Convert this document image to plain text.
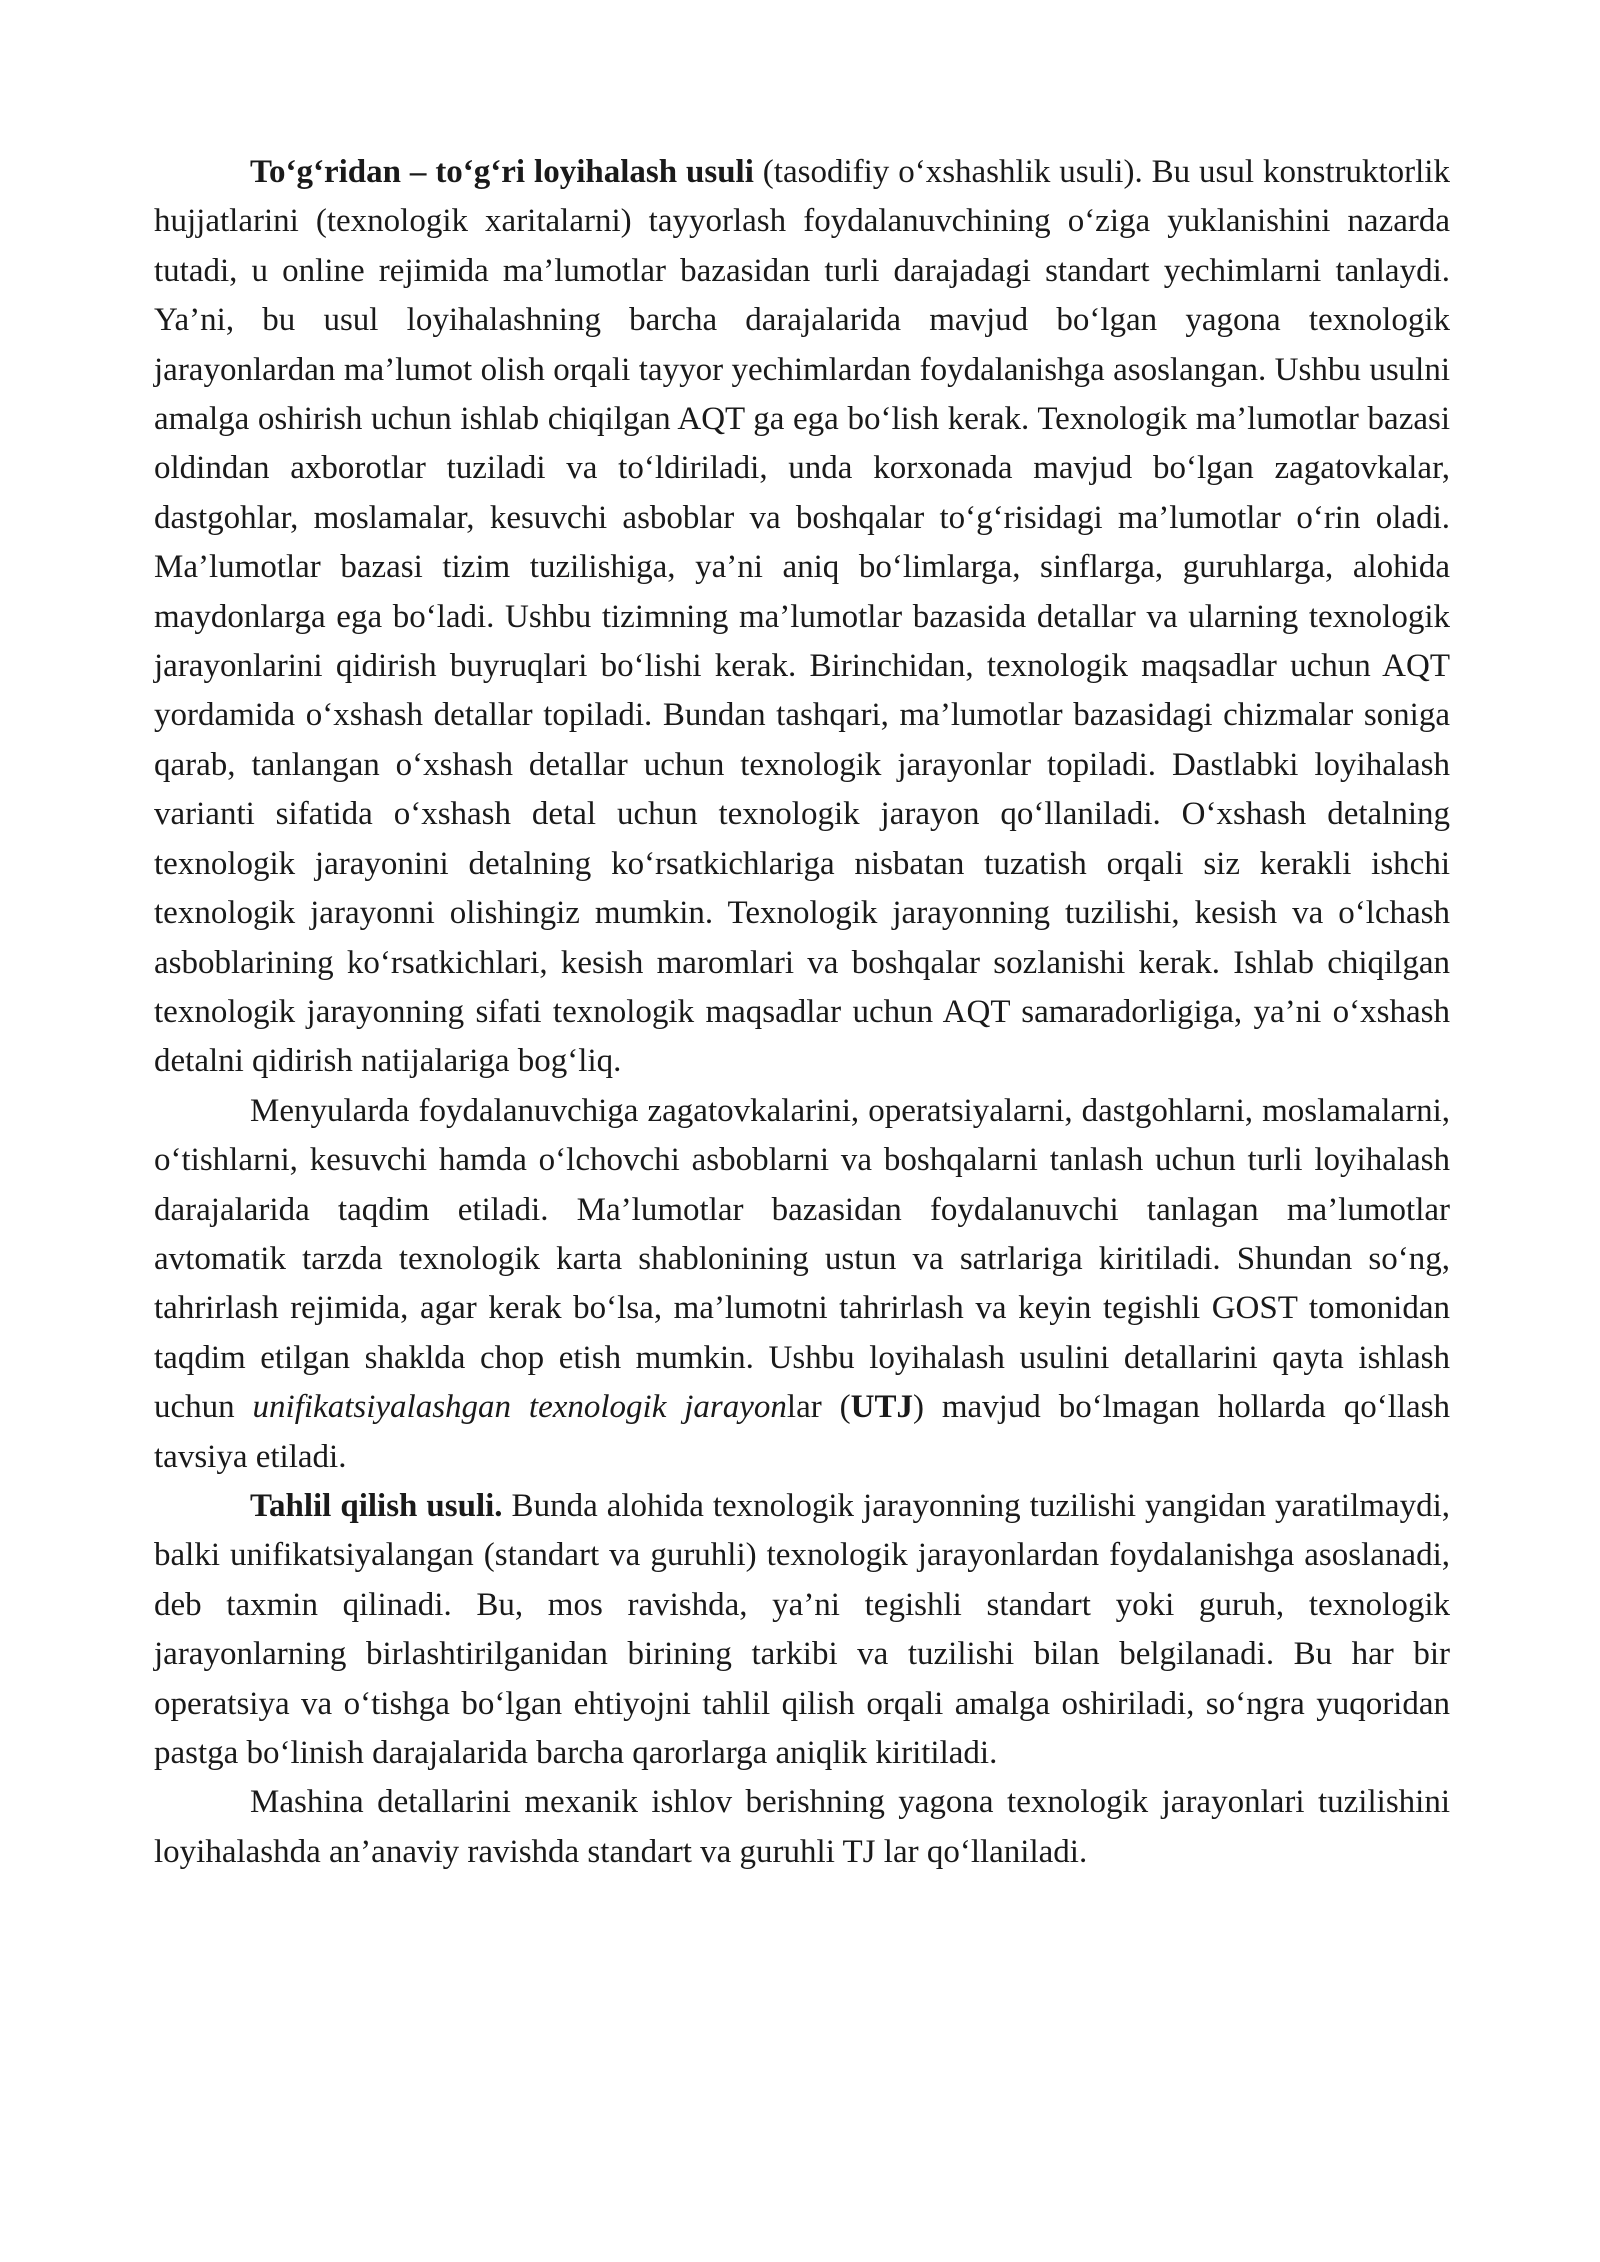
To‘g‘ridan – to‘g‘ri loyihalash usuli (tasodifiy o‘xshashlik usuli). Bu usul konstruktorlik hujjatlarini (texnologik xaritalarni) tayyorlash foydalanuvchining o‘ziga yuklanishini nazarda tutadi, u online rejimida ma’lumotlar bazasidan turli darajadagi standart yechimlarni tanlaydi. Ya’ni, bu usul loyihalashning barcha darajalarida mavjud bo‘lgan yagona texnologik jarayonlardan ma’lumot olish orqali tayyor yechimlardan foydalanishga asoslangan. Ushbu usulni amalga oshirish uchun ishlab chiqilgan AQT ga ega bo‘lish kerak. Texnologik ma’lumotlar bazasi oldindan axborotlar tuziladi va to‘ldiriladi, unda korxonada mavjud bo‘lgan zagatovkalar, dastgohlar, moslamalar, kesuvchi asboblar va boshqalar to‘g‘risidagi ma’lumotlar o‘rin oladi. Ma’lumotlar bazasi tizim tuzilishiga, ya’ni aniq bo‘limlarga, sinflarga, guruhlarga, alohida maydonlarga ega bo‘ladi. Ushbu tizimning ma’lumotlar bazasida detallar va ularning texnologik jarayonlarini qidirish buyruqlari bo‘lishi kerak. Birinchidan, texnologik maqsadlar uchun AQT yordamida o‘xshash detallar topiladi. Bundan tashqari, ma’lumotlar bazasidagi chizmalar soniga qarab, tanlangan o‘xshash detallar uchun texnologik jarayonlar topiladi. Dastlabki loyihalash varianti sifatida o‘xshash detal uchun texnologik jarayon qo‘llaniladi. O‘xshash detalning texnologik jarayonini detalning ko‘rsatkichlariga nisbatan tuzatish orqali siz kerakli ishchi texnologik jarayonni olishingiz mumkin. Texnologik jarayonning tuzilishi, kesish va o‘lchash asboblarining ko‘rsatkichlari, kesish maromlari va boshqalar sozlanishi kerak. Ishlab chiqilgan texnologik jarayonning sifati texnologik maqsadlar uchun AQT samaradorligiga, ya’ni o‘xshash detalni qidirish natijalariga bog‘liq.

Menyularda foydalanuvchiga zagatovkalarini, operatsiyalarni, dastgohlarni, moslamalarni, o‘tishlarni, kesuvchi hamda o‘lchovchi asboblarni va boshqalarni tanlash uchun turli loyihalash darajalarida taqdim etiladi. Ma’lumotlar bazasidan foydalanuvchi tanlagan ma’lumotlar avtomatik tarzda texnologik karta shablonining ustun va satrlariga kiritiladi. Shundan so‘ng, tahrirlash rejimida, agar kerak bo‘lsa, ma’lumotni tahrirlash va keyin tegishli GOST tomonidan taqdim etilgan shaklda chop etish mumkin. Ushbu loyihalash usulini detallarini qayta ishlash uchun unifikatsiyalashgan texnologik jarayonlar (UTJ) mavjud bo‘lmagan hollarda qo‘llash tavsiya etiladi.

Tahlil qilish usuli. Bunda alohida texnologik jarayonning tuzilishi yangidan yaratilmaydi, balki unifikatsiyalangan (standart va guruhli) texnologik jarayonlardan foydalanishga asoslanadi, deb taxmin qilinadi. Bu, mos ravishda, ya’ni tegishli standart yoki guruh, texnologik jarayonlarning birlashtirilganidan birining tarkibi va tuzilishi bilan belgilanadi. Bu har bir operatsiya va o‘tishga bo‘lgan ehtiyojni tahlil qilish orqali amalga oshiriladi, so‘ngra yuqoridan pastga bo‘linish darajalarida barcha qarorlarga aniqlik kiritiladi.

Mashina detallarini mexanik ishlov berishning yagona texnologik jarayonlari tuzilishini loyihalashda an’anaviy ravishda standart va guruhli TJ lar qo‘llaniladi.
